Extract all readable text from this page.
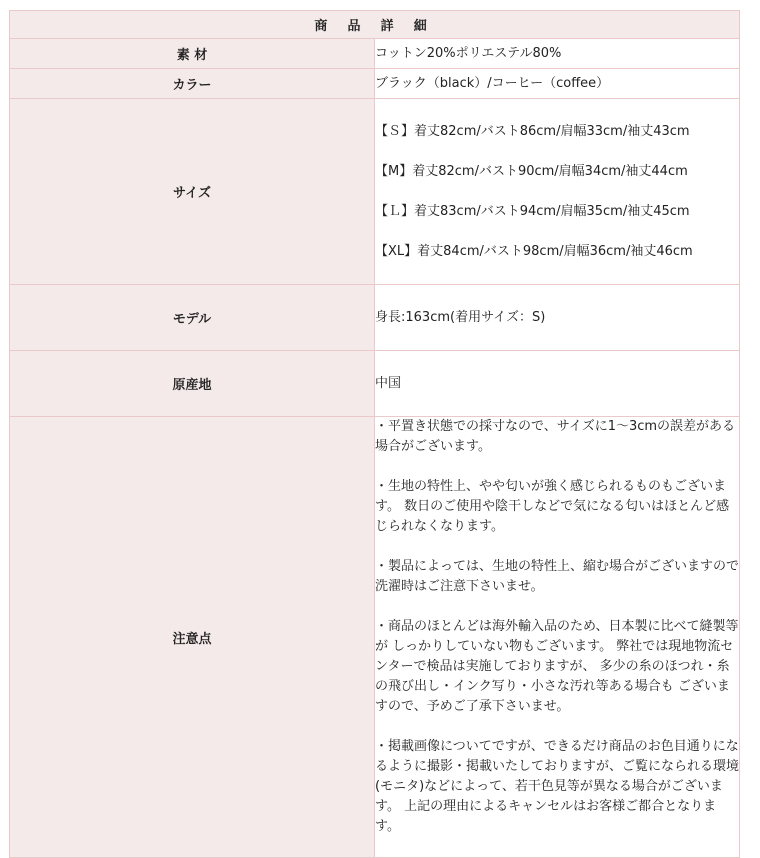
商 品 詳 細	
素 材	コットン20%ポリエステル80%
カラー	ブラック（black）/コーヒー（coffee）
サイズ	【Ｓ】着丈82cm/バスト86cm/肩幅33cm/袖丈43cm
【M】着丈82cm/バスト90cm/肩幅34cm/袖丈44cm
【Ｌ】着丈83cm/バスト94cm/肩幅35cm/袖丈45cm
【XL】着丈84cm/バスト98cm/肩幅36cm/袖丈46cm

モデル	身長:163cm(着用サイズ：S)
原産地	中国
注意点	・平置き状態での採寸なので、サイズに1～3cmの誤差がある場合がございます。

・生地の特性上、やや匂いが強く感じられるものもございます。 数日のご使用や陰干しなどで気になる匂いはほとんど感じられなくなります。

・製品によっては、生地の特性上、縮む場合がございますので洗濯時はご注意下さいませ。

・商品のほとんどは海外輸入品のため、日本製に比べて縫製等が しっかりしていない物もございます。 弊社では現地物流センターで検品は実施しておりますが、 多少の糸のほつれ・糸の飛び出し・インク写り・小さな汚れ等ある場合も ございますので、予めご了承下さいませ。

・掲載画像についてですが、できるだけ商品のお色目通りになるように撮影・掲載いたしておりますが、ご覧になられる環境(モニタ)などによって、若干色見等が異なる場合がございます。 上記の理由によるキャンセルはお客様ご都合となります。
